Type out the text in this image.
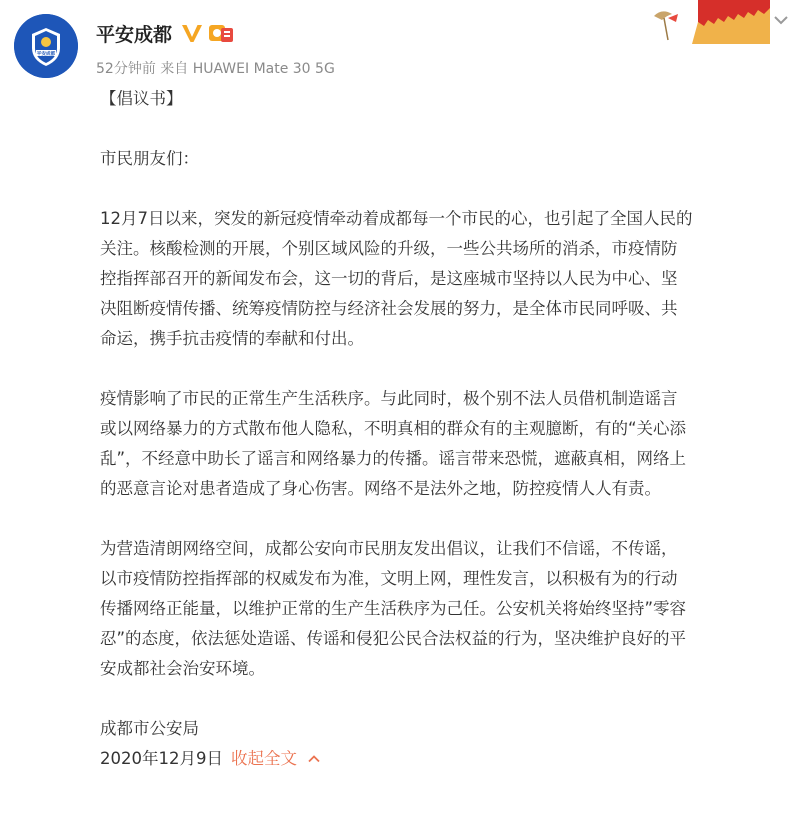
平安成都
平安成都
52分钟前 来自 HUAWEI Mate 30 5G

【倡议书】

市民朋友们：

12月7日以来，突发的新冠疫情牵动着成都每一个市民的心，也引起了全国人民的

关注。核酸检测的开展，个别区域风险的升级，一些公共场所的消杀，市疫情防

控指挥部召开的新闻发布会，这一切的背后，是这座城市坚持以人民为中心、坚

决阻断疫情传播、统筹疫情防控与经济社会发展的努力，是全体市民同呼吸、共

命运，携手抗击疫情的奉献和付出。

疫情影响了市民的正常生产生活秩序。与此同时，极个别不法人员借机制造谣言

或以网络暴力的方式散布他人隐私，不明真相的群众有的主观臆断，有的“关心添

乱”，不经意中助长了谣言和网络暴力的传播。谣言带来恐慌，遮蔽真相，网络上

的恶意言论对患者造成了身心伤害。网络不是法外之地，防控疫情人人有责。

为营造清朗网络空间，成都公安向市民朋友发出倡议，让我们不信谣，不传谣，

以市疫情防控指挥部的权威发布为准，文明上网，理性发言，以积极有为的行动

传播网络正能量，以维护正常的生产生活秩序为己任。公安机关将始终坚持”零容

忍”的态度，依法惩处造谣、传谣和侵犯公民合法权益的行为，坚决维护良好的平

安成都社会治安环境。

成都市公安局

2020年12月9日 收起全文
